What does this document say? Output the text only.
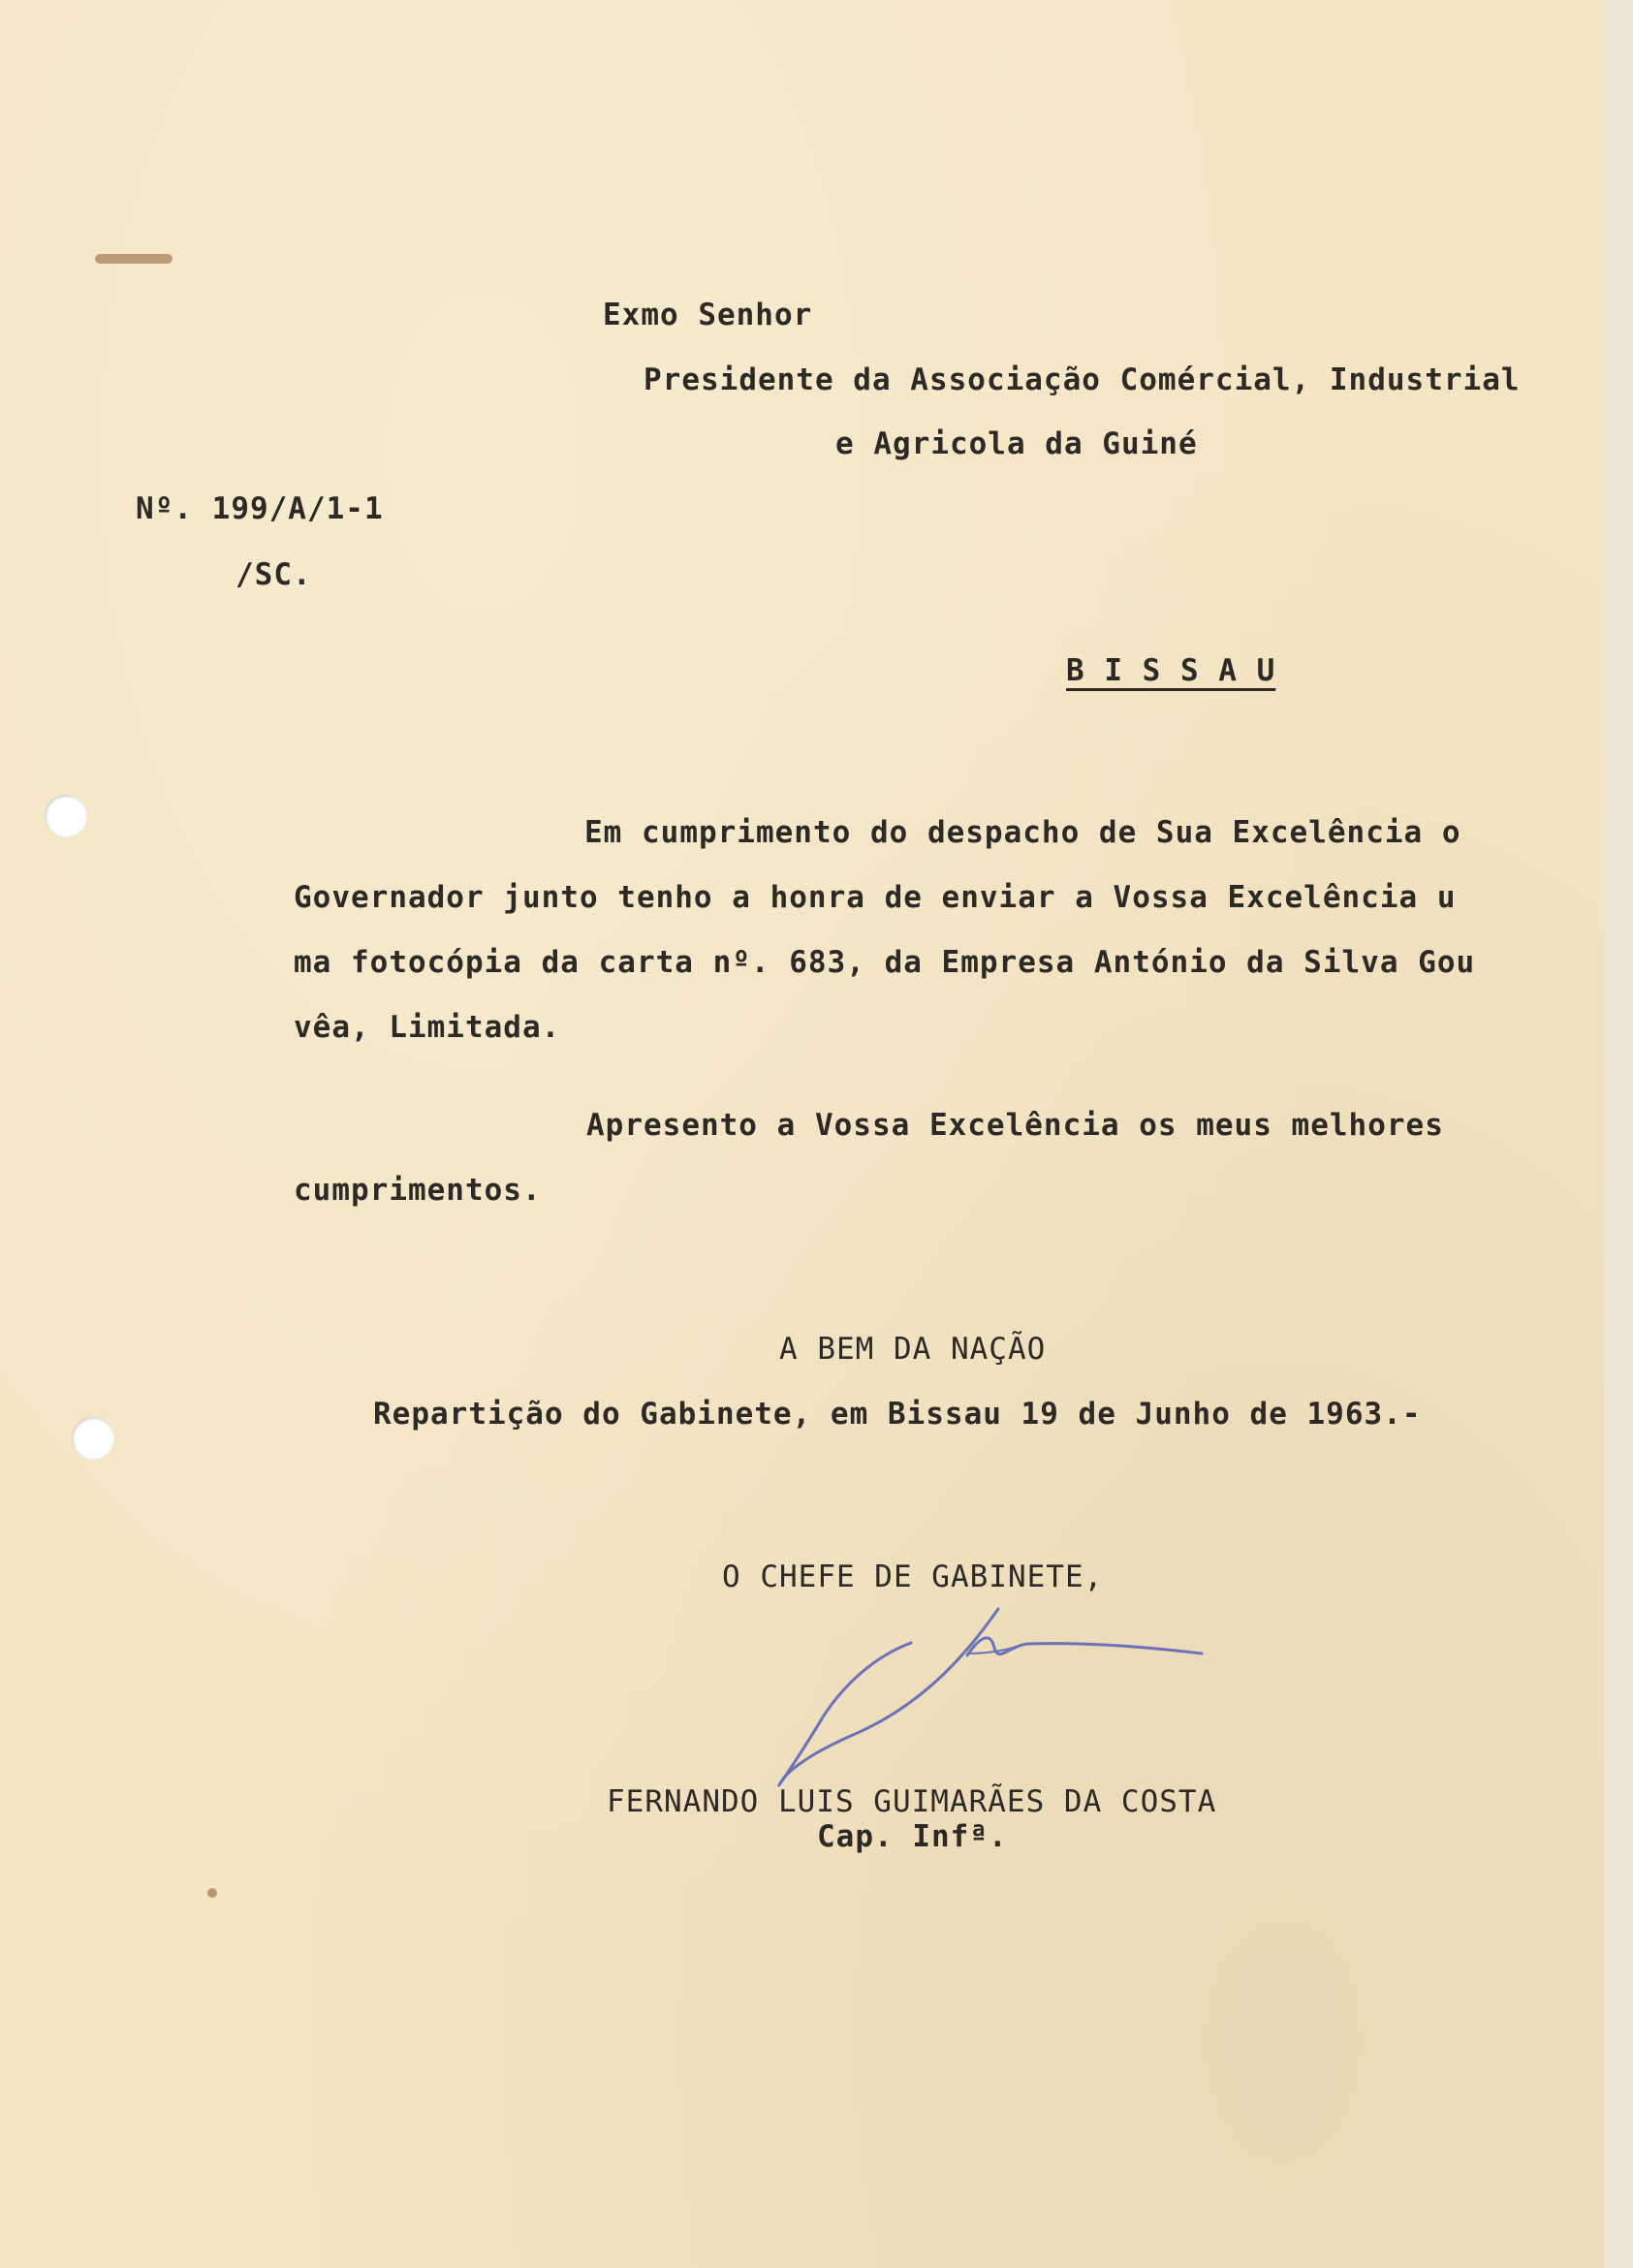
Exmo Senhor
Presidente da Associação Comércial, Industrial
e Agricola da Guiné
Nº. 199/A/1-1
/SC.
B I S S A U
Em cumprimento do despacho de Sua Excelência o
Governador junto tenho a honra de enviar a Vossa Excelência u
ma fotocópia da carta nº. 683, da Empresa António da Silva Gou
vêa, Limitada.
Apresento a Vossa Excelência os meus melhores
cumprimentos.
A BEM DA NAÇÃO
Repartição do Gabinete, em Bissau 19 de Junho de 1963.-
O CHEFE DE GABINETE,
FERNANDO LUIS GUIMARÃES DA COSTA
Cap. Infª.
